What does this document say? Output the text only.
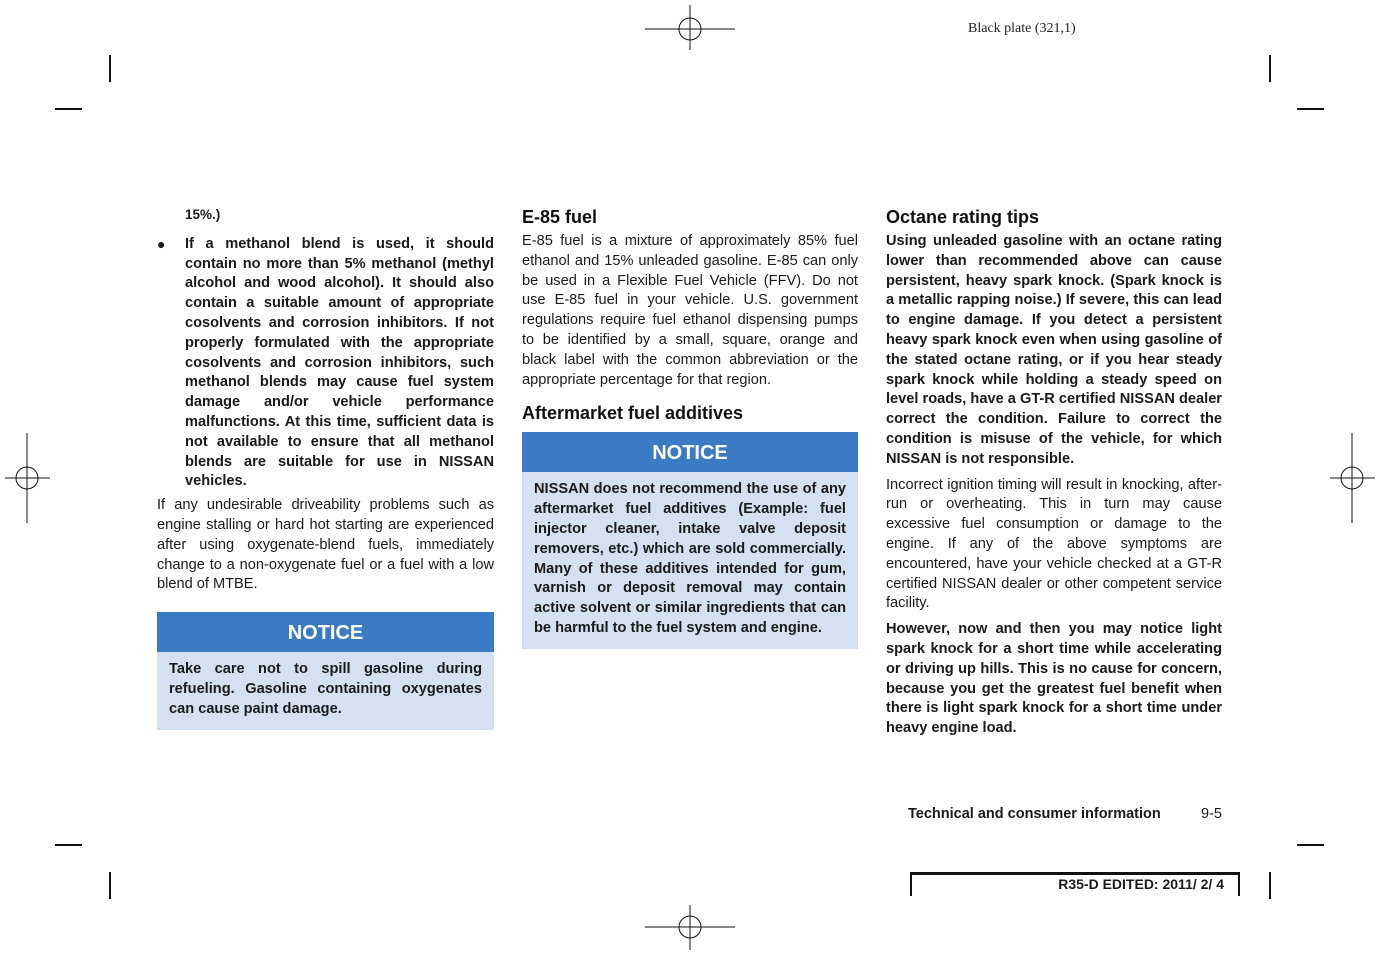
Black plate (321,1)
15%.)
● If a methanol blend is used, it should contain no more than 5% methanol (methyl alcohol and wood alcohol). It should also contain a suitable amount of appropriate cosolvents and corrosion inhibitors. If not properly formulated with the appropriate cosolvents and corrosion inhibitors, such methanol blends may cause fuel system damage and/or vehicle performance malfunctions. At this time, sufficient data is not available to ensure that all methanol blends are suitable for use in NISSAN vehicles.

If any undesirable driveability problems such as engine stalling or hard hot starting are experienced after using oxygenate-blend fuels, immediately change to a non-oxygenate fuel or a fuel with a low blend of MTBE.

NOTICE
Take care not to spill gasoline during refueling. Gasoline containing oxygenates can cause paint damage.
E-85 fuel

E-85 fuel is a mixture of approximately 85% fuel ethanol and 15% unleaded gasoline. E-85 can only be used in a Flexible Fuel Vehicle (FFV). Do not use E-85 fuel in your vehicle. U.S. government regulations require fuel ethanol dispensing pumps to be identified by a small, square, orange and black label with the common abbreviation or the appropriate percentage for that region.

Aftermarket fuel additives
NOTICE
NISSAN does not recommend the use of any aftermarket fuel additives (Example: fuel injector cleaner, intake valve deposit removers, etc.) which are sold commercially. Many of these additives intended for gum, varnish or deposit removal may contain active solvent or similar ingredients that can be harmful to the fuel system and engine.
Octane rating tips
Using unleaded gasoline with an octane rating lower than recommended above can cause persistent, heavy spark knock. (Spark knock is a metallic rapping noise.) If severe, this can lead to engine damage. If you detect a persistent heavy spark knock even when using gasoline of the stated octane rating, or if you hear steady spark knock while holding a steady speed on level roads, have a GT-R certified NISSAN dealer correct the condition. Failure to correct the condition is misuse of the vehicle, for which NISSAN is not responsible.

Incorrect ignition timing will result in knocking, after-run or overheating. This in turn may cause excessive fuel consumption or damage to the engine. If any of the above symptoms are encountered, have your vehicle checked at a GT-R certified NISSAN dealer or other competent service facility.

However, now and then you may notice light spark knock for a short time while accelerating or driving up hills. This is no cause for concern, because you get the greatest fuel benefit when there is light spark knock for a short time under heavy engine load.
Technical and consumer information	9-5
R35-D EDITED: 2011/ 2/ 4
